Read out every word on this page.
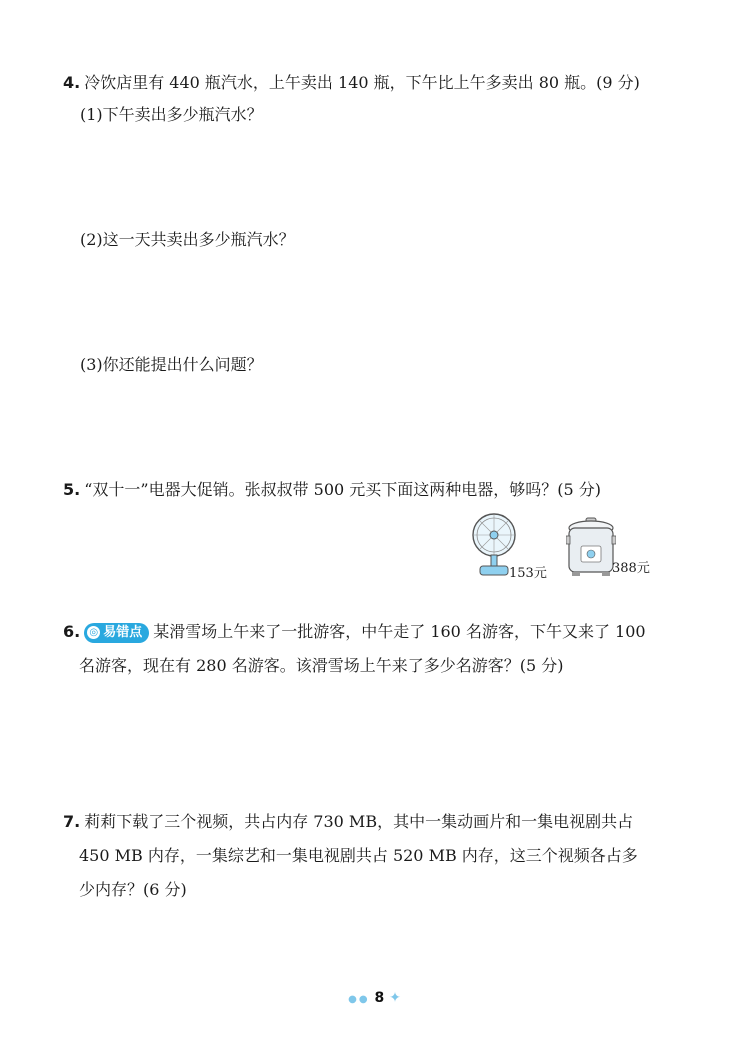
4. 冷饮店里有 440 瓶汽水，上午卖出 140 瓶，下午比上午多卖出 80 瓶。(9 分)
(1)下午卖出多少瓶汽水？
(2)这一天共卖出多少瓶汽水？
(3)你还能提出什么问题？
5. “双十一”电器大促销。张叔叔带 500 元买下面这两种电器，够吗？(5 分)
153元	388元
6. ◎ 易错点 某滑雪场上午来了一批游客，中午走了 160 名游客，下午又来了 100
名游客，现在有 280 名游客。该滑雪场上午来了多少名游客？(5 分)
7. 莉莉下载了三个视频，共占内存 730 MB，其中一集动画片和一集电视剧共占
450 MB 内存，一集综艺和一集电视剧共占 520 MB 内存，这三个视频各占多
少内存？(6 分)
●● 8 ✦
